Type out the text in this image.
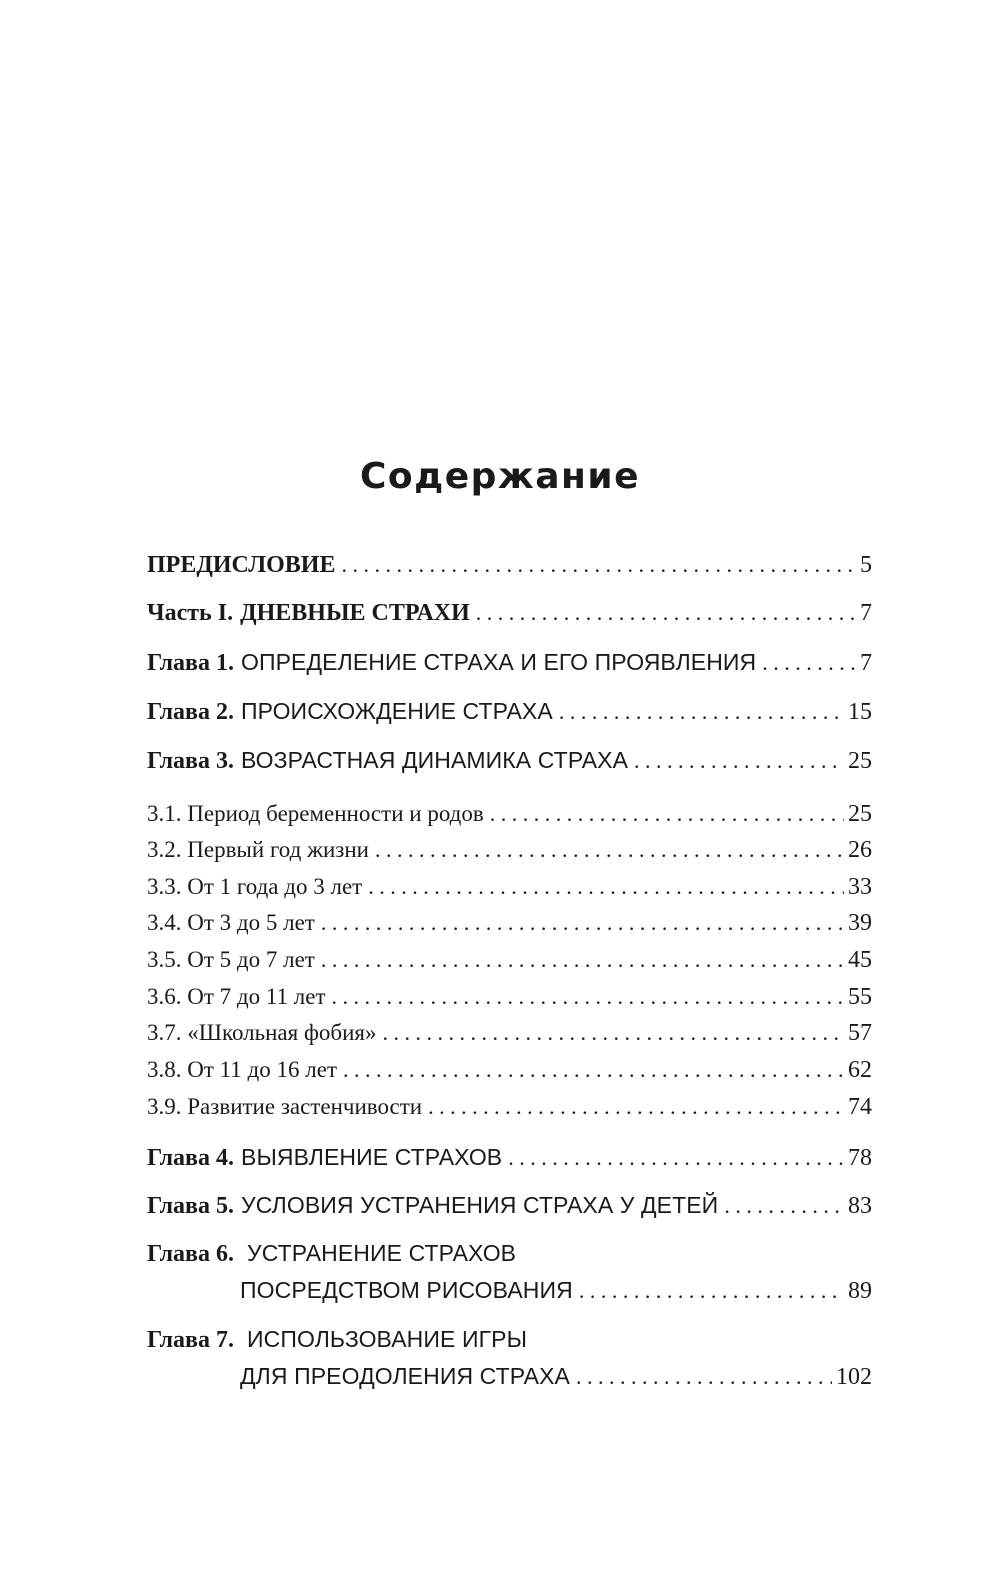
Содержание
ПРЕДИСЛОВИЕ . . .	5
Часть I. ДНЕВНЫЕ СТРАХИ . . .	7
Глава 1. ОПРЕДЕЛЕНИЕ СТРАХА И ЕГО ПРОЯВЛЕНИЯ . . .	7
Глава 2. ПРОИСХОЖДЕНИЕ СТРАХА . . .	15
Глава 3. ВОЗРАСТНАЯ ДИНАМИКА СТРАХА . . .	25
3.1. Период беременности и родов . . .	25
3.2. Первый год жизни . . .	26
3.3. От 1 года до 3 лет . . .	33
3.4. От 3 до 5 лет . . .	39
3.5. От 5 до 7 лет . . .	45
3.6. От 7 до 11 лет . . .	55
3.7. «Школьная фобия» . . .	57
3.8. От 11 до 16 лет . . .	62
3.9. Развитие застенчивости . . .	74
Глава 4. ВЫЯВЛЕНИЕ СТРАХОВ . . .	78
Глава 5. УСЛОВИЯ УСТРАНЕНИЯ СТРАХА У ДЕТЕЙ . . .	83
Глава 6. УСТРАНЕНИЕ СТРАХОВ
ПОСРЕДСТВОМ РИСОВАНИЯ . . .	89
Глава 7. ИСПОЛЬЗОВАНИЕ ИГРЫ
ДЛЯ ПРЕОДОЛЕНИЯ СТРАХА . . .	102
